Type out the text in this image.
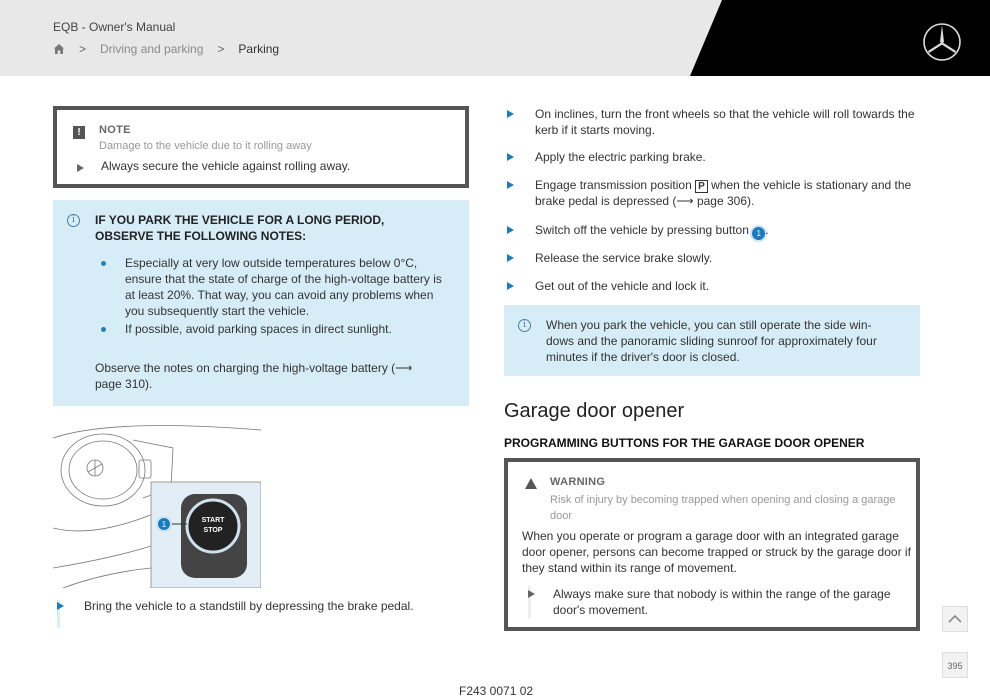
EQB - Owner's Manual
> Driving and parking > Parking
!	NOTE
Damage to the vehicle due to it rolling away
Always secure the vehicle against rolling away.
i	IF YOU PARK THE VEHICLE FOR A LONG PERIOD, OBSERVE THE FOLLOWING NOTES:
Especially at very low outside temperatures below 0°C, ensure that the state of charge of the high-voltage battery is at least 20%. That way, you can avoid any problems when you subsequently start the vehicle.
If possible, avoid parking spaces in direct sunlight.
Observe the notes on charging the high-voltage battery (⟶ page 310).
START
STOP
1
Bring the vehicle to a standstill by depressing the brake pedal.
On inclines, turn the front wheels so that the vehicle will roll towards the kerb if it starts moving.
Apply the electric parking brake.
Engage transmission position P when the vehicle is stationary and the brake pedal is depressed (⟶ page 306).
Switch off the vehicle by pressing button 1 .
Release the service brake slowly.
Get out of the vehicle and lock it.
i	When you park the vehicle, you can still operate the side win-dows and the panoramic sliding sunroof for approximately four minutes if the driver's door is closed.
Garage door opener
PROGRAMMING BUTTONS FOR THE GARAGE DOOR OPENER
WARNING
Risk of injury by becoming trapped when opening and closing a garage door
When you operate or program a garage door with an integrated garage door opener, persons can become trapped or struck by the garage door if they stand within its range of movement.
Always make sure that nobody is within the range of the garage door's movement.
395
F243 0071 02
